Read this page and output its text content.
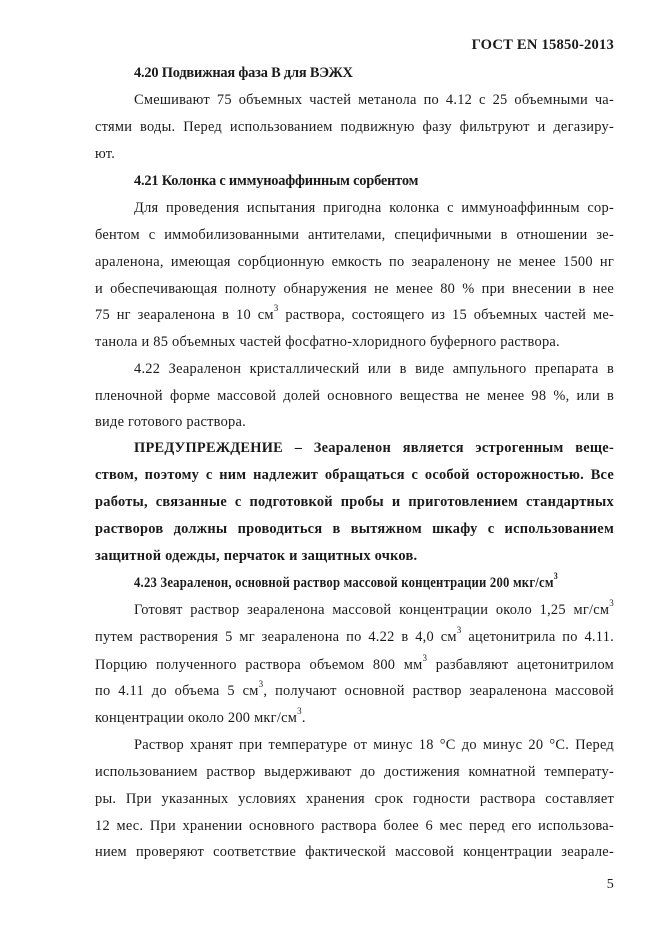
ГОСТ EN 15850-2013
4.20 Подвижная фаза В для ВЭЖХ
Смешивают 75 объемных частей метанола по 4.12 с 25 объемными ча-
стями воды. Перед использованием подвижную фазу фильтруют и дегазиру-
ют.
4.21 Колонка с иммуноаффинным сорбентом
Для проведения испытания пригодна колонка с иммуноаффинным сор-
бентом с иммобилизованными антителами, специфичными в отношении зе-
араленона, имеющая сорбционную емкость по зеараленону не менее 1500 нг
и обеспечивающая полноту обнаружения не менее 80 % при внесении в нее
75 нг зеараленона в 10 $см^3$ раствора, состоящего из 15 объемных частей ме-
танола и 85 объемных частей фосфатно-хлоридного буферного раствора.
4.22 Зеараленон кристаллический или в виде ампульного препарата в
пленочной форме массовой долей основного вещества не менее 98 %, или в
виде готового раствора.
ПРЕДУПРЕЖДЕНИЕ – Зеараленон является эстрогенным веще-
ством, поэтому с ним надлежит обращаться с особой осторожностью. Все
работы, связанные с подготовкой пробы и приготовлением стандартных
растворов должны проводиться в вытяжном шкафу с использованием
защитной одежды, перчаток и защитных очков.
4.23 Зеараленон, основной раствор массовой концентрации 200 мкг/$см^3$
Готовят раствор зеараленона массовой концентрации около 1,25 $мг/см^3$
путем растворения 5 мг зеараленона по 4.22 в 4,0 $см^3$ ацетонитрила по 4.11.
Порцию полученного раствора объемом 800 $мм^3$ разбавляют ацетонитрилом
по 4.11 до объема 5 $см^3$, получают основной раствор зеараленона массовой
концентрации около 200 мкг/$см^3$.
Раствор хранят при температуре от минус 18 °С до минус 20 °С. Перед
использованием раствор выдерживают до достижения комнатной температу-
ры. При указанных условиях хранения срок годности раствора составляет
12 мес. При хранении основного раствора более 6 мес перед его использова-
нием проверяют соответствие фактической массовой концентрации зеарале-
5
